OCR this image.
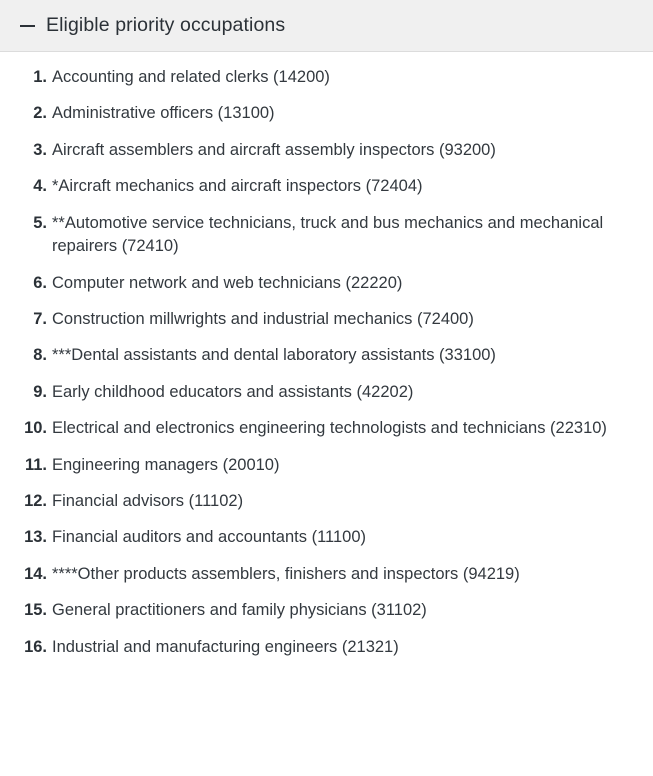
Eligible priority occupations
1. Accounting and related clerks (14200)
2. Administrative officers (13100)
3. Aircraft assemblers and aircraft assembly inspectors (93200)
4. *Aircraft mechanics and aircraft inspectors (72404)
5. **Automotive service technicians, truck and bus mechanics and mechanical repairers (72410)
6. Computer network and web technicians (22220)
7. Construction millwrights and industrial mechanics (72400)
8. ***Dental assistants and dental laboratory assistants (33100)
9. Early childhood educators and assistants (42202)
10. Electrical and electronics engineering technologists and technicians (22310)
11. Engineering managers (20010)
12. Financial advisors (11102)
13. Financial auditors and accountants (11100)
14. ****Other products assemblers, finishers and inspectors (94219)
15. General practitioners and family physicians (31102)
16. Industrial and manufacturing engineers (21321)
